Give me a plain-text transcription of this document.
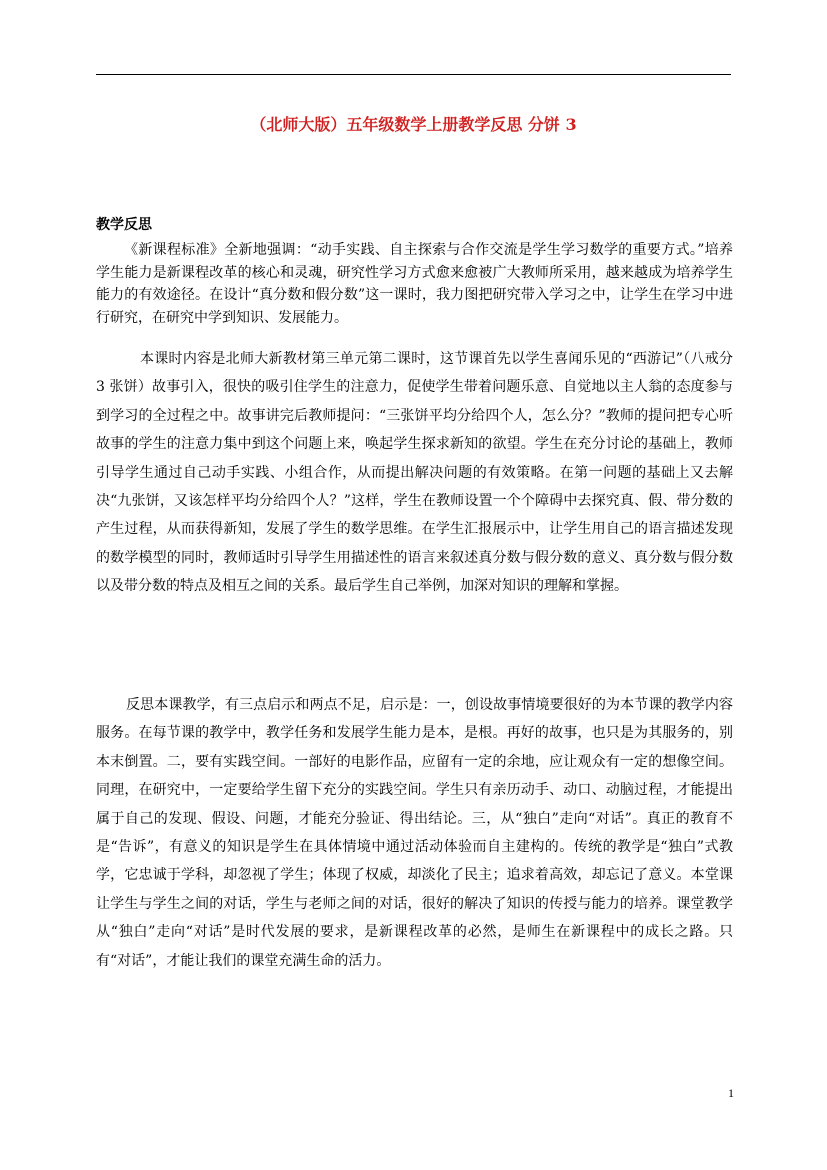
（北师大版）五年级数学上册教学反思 分饼 3
教学反思

《新课程标准》全新地强调：“动手实践、自主探索与合作交流是学生学习数学的重要方式。”培养学生能力是新课程改革的核心和灵魂，研究性学习方式愈来愈被广大教师所采用，越来越成为培养学生能力的有效途径。在设计“真分数和假分数”这一课时，我力图把研究带入学习之中，让学生在学习中进行研究，在研究中学到知识、发展能力。

本课时内容是北师大新教材第三单元第二课时，这节课首先以学生喜闻乐见的“西游记”（八戒分 3 张饼）故事引入，很快的吸引住学生的注意力，促使学生带着问题乐意、自觉地以主人翁的态度参与到学习的全过程之中。故事讲完后教师提问：“三张饼平均分给四个人，怎么分？”教师的提问把专心听故事的学生的注意力集中到这个问题上来，唤起学生探求新知的欲望。学生在充分讨论的基础上，教师引导学生通过自己动手实践、小组合作，从而提出解决问题的有效策略。在第一问题的基础上又去解决“九张饼，又该怎样平均分给四个人？”这样，学生在教师设置一个个障碍中去探究真、假、带分数的产生过程，从而获得新知，发展了学生的数学思维。在学生汇报展示中，让学生用自己的语言描述发现的数学模型的同时，教师适时引导学生用描述性的语言来叙述真分数与假分数的意义、真分数与假分数以及带分数的特点及相互之间的关系。最后学生自己举例，加深对知识的理解和掌握。

反思本课教学，有三点启示和两点不足，启示是：一，创设故事情境要很好的为本节课的教学内容服务。在每节课的教学中，教学任务和发展学生能力是本，是根。再好的故事，也只是为其服务的，别本末倒置。二，要有实践空间。一部好的电影作品，应留有一定的余地，应让观众有一定的想像空间。同理，在研究中，一定要给学生留下充分的实践空间。学生只有亲历动手、动口、动脑过程，才能提出属于自己的发现、假设、问题，才能充分验证、得出结论。三，从“独白”走向“对话”。真正的教育不是“告诉”，有意义的知识是学生在具体情境中通过活动体验而自主建构的。传统的教学是“独白”式教学，它忠诚于学科，却忽视了学生；体现了权威，却淡化了民主；追求着高效，却忘记了意义。本堂课让学生与学生之间的对话，学生与老师之间的对话，很好的解决了知识的传授与能力的培养。课堂教学从“独白”走向“对话”是时代发展的要求，是新课程改革的必然，是师生在新课程中的成长之路。只有“对话”，才能让我们的课堂充满生命的活力。

1
